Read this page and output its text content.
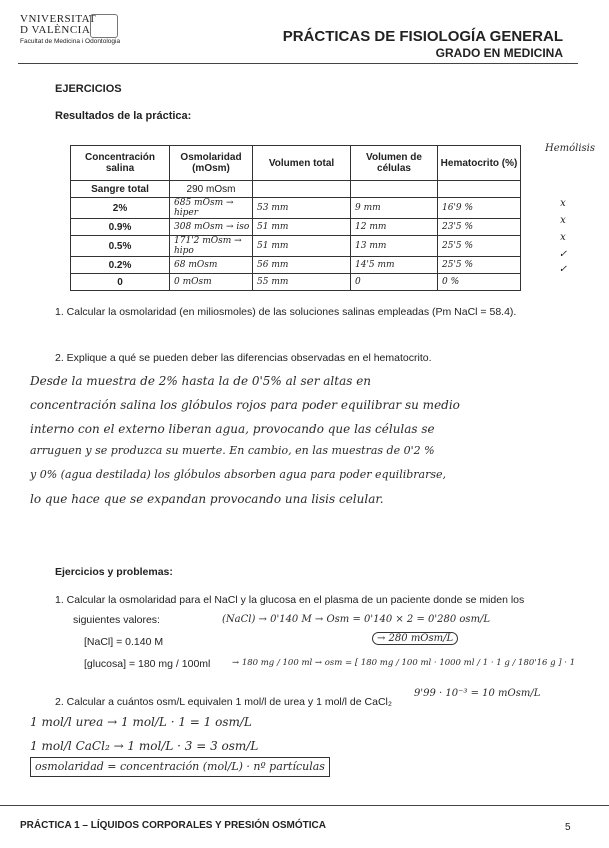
VNIVERSITAT
D VALÈNCIA
Facultat de Medicina i Odontologia	PRÁCTICAS DE FISIOLOGÍA GENERAL
GRADO EN MEDICINA
EJERCICIOS
Resultados de la práctica:
Hemólisis
Concentración salina	Osmolaridad (mOsm)	Volumen total	Volumen de células	Hematocrito (%)
Sangre total	290 mOsm			
2%	685 mOsm → hiper	53 mm	9 mm	16'9 %
0.9%	308 mOsm → iso	51 mm	12 mm	23'5 %
0.5%	171'2 mOsm → hipo	51 mm	13 mm	25'5 %
0.2%	68 mOsm	56 mm	14'5 mm	25'5 %
0	0 mOsm	55 mm	0	0 %
x
x
x
✓
✓
1. Calcular la osmolaridad (en miliosmoles) de las soluciones salinas empleadas (Pm NaCl = 58.4).
2. Explique a qué se pueden deber las diferencias observadas en el hematocrito.
Desde la muestra de 2% hasta la de 0'5% al ser altas en
concentración salina los glóbulos rojos para poder equilibrar su medio
interno con el externo liberan agua, provocando que las células se
arruguen y se produzca su muerte. En cambio, en las muestras de 0'2 %
y 0% (agua destilada) los glóbulos absorben agua para poder equilibrarse,
lo que hace que se expandan provocando una lisis celular.
Ejercicios y problemas:
1. Calcular la osmolaridad para el NaCl y la glucosa en el plasma de un paciente donde se miden los
siguientes valores:
[NaCl] = 0.140 M
[glucosa] = 180 mg / 100ml
(NaCl) → 0'140 M → Osm = 0'140 × 2 = 0'280 osm/L
→ 280 mOsm/L
→ 180 mg / 100 ml → osm = [ 180 mg / 100 ml · 1000 ml / 1 · 1 g / 180'16 g ] · 1
9'99 · 10⁻³ = 10 mOsm/L
2. Calcular a cuántos osm/L equivalen 1 mol/l de urea y 1 mol/l de CaCl₂
1 mol/l urea → 1 mol/L · 1 = 1 osm/L
1 mol/l CaCl₂ → 1 mol/L · 3 = 3 osm/L
osmolaridad = concentración (mol/L) · nº partículas
PRÁCTICA 1 – LÍQUIDOS CORPORALES Y PRESIÓN OSMÓTICA	5
